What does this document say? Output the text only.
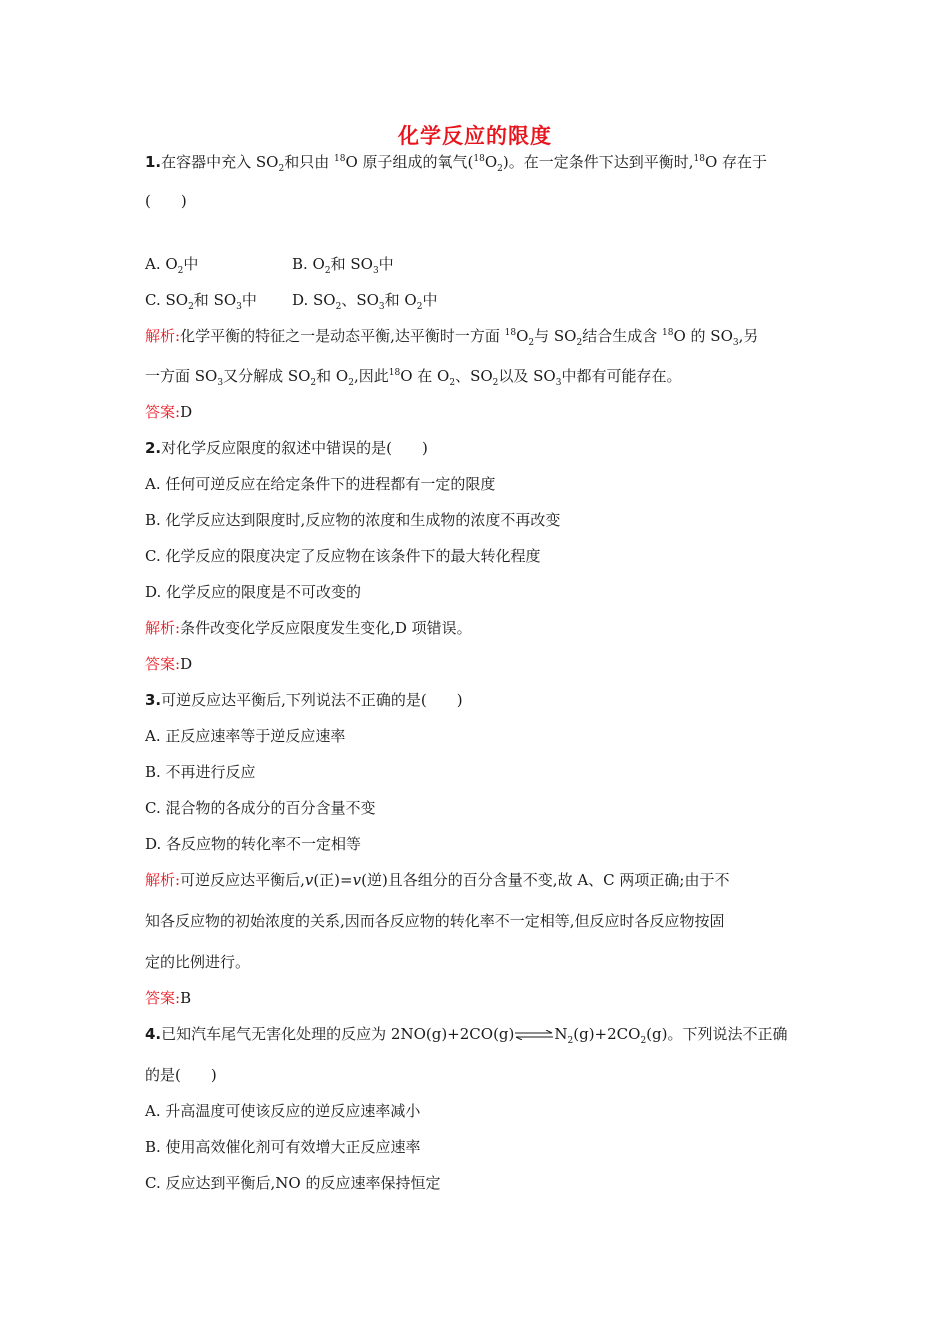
化学反应的限度
1.在容器中充入 $SO_2$和只由 $^{18}$O 原子组成的氧气$(^{18}O_2)$。在一定条件下达到平衡时,$^{18}$O 存在于
(　　)
A. $O_2$中	B. $O_2$和 $SO_3$中
C. $SO_2$和 $SO_3$中 D. $SO_2$、$SO_3$和 $O_2$中
解析:化学平衡的特征之一是动态平衡,达平衡时一方面 $^{18}O_2$与 $SO_2$结合生成含 $^{18}$O 的 $SO_3$,另
一方面 $SO_3$又分解成 $SO_2$和 $O_2$,因此$^{18}$O 在 $O_2$、$SO_2$以及 $SO_3$中都有可能存在。
答案:D
2.对化学反应限度的叙述中错误的是(　　)
A. 任何可逆反应在给定条件下的进程都有一定的限度
B. 化学反应达到限度时,反应物的浓度和生成物的浓度不再改变
C. 化学反应的限度决定了反应物在该条件下的最大转化程度
D. 化学反应的限度是不可改变的
解析:条件改变化学反应限度发生变化,D 项错误。
答案:D
3.可逆反应达平衡后,下列说法不正确的是(　　)
A. 正反应速率等于逆反应速率
B. 不再进行反应
C. 混合物的各成分的百分含量不变
D. 各反应物的转化率不一定相等
解析:可逆反应达平衡后,v(正)=v(逆)且各组分的百分含量不变,故 A、C 两项正确;由于不
知各反应物的初始浓度的关系,因而各反应物的转化率不一定相等,但反应时各反应物按固
定的比例进行。
答案:B
4.已知汽车尾气无害化处理的反应为 $2NO(g)+2CO(g)\rightleftharpoons N_2(g)+2CO_2(g)$。下列说法不正确
的是(　　)
A. 升高温度可使该反应的逆反应速率减小
B. 使用高效催化剂可有效增大正反应速率
C. 反应达到平衡后,NO 的反应速率保持恒定
